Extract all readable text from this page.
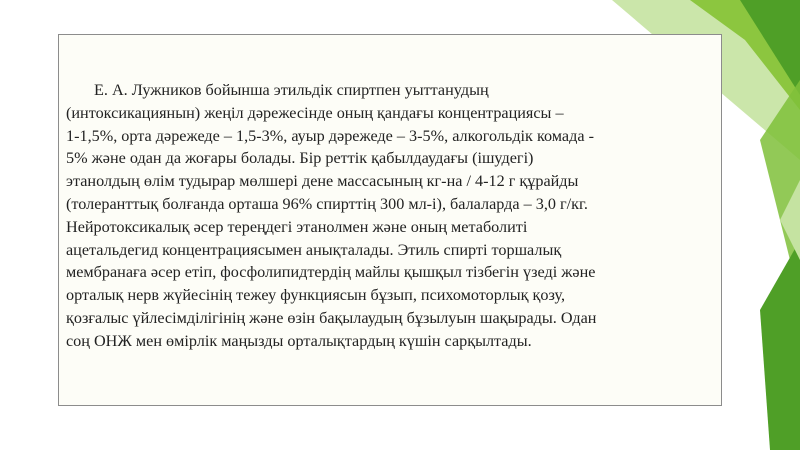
Е. А. Лужников бойынша этильдік спиртпен уыттанудың
(интоксикациянын) жеңіл дәрежесінде оның қандағы концентрациясы –
1-1,5%, орта дәрежеде – 1,5-3%, ауыр дәрежеде – 3-5%, алкогольдік комада -
5% және одан да жоғары болады. Бір реттік қабылдаудағы (ішудегі)
этанолдың өлім тудырар мөлшері дене массасының кг-на / 4-12 г құрайды
(толеранттық болғанда орташа 96% спирттің 300 мл-і), балаларда – 3,0 г/кг.
Нейротоксикалық әсер тереңдегі этанолмен және оның метаболиті
ацетальдегид концентрациясымен анықталады. Этиль спирті торшалық
мембранаға әсер етіп, фосфолипидтердің майлы қышқыл тізбегін үзеді және
орталық нерв жүйесінің тежеу функциясын бұзып, психомоторлық қозу,
қозғалыс үйлесімділігінің және өзін бақылаудың бұзылуын шақырады. Одан
соң ОНЖ мен өмірлік маңызды орталықтардың күшін сарқылтады.
